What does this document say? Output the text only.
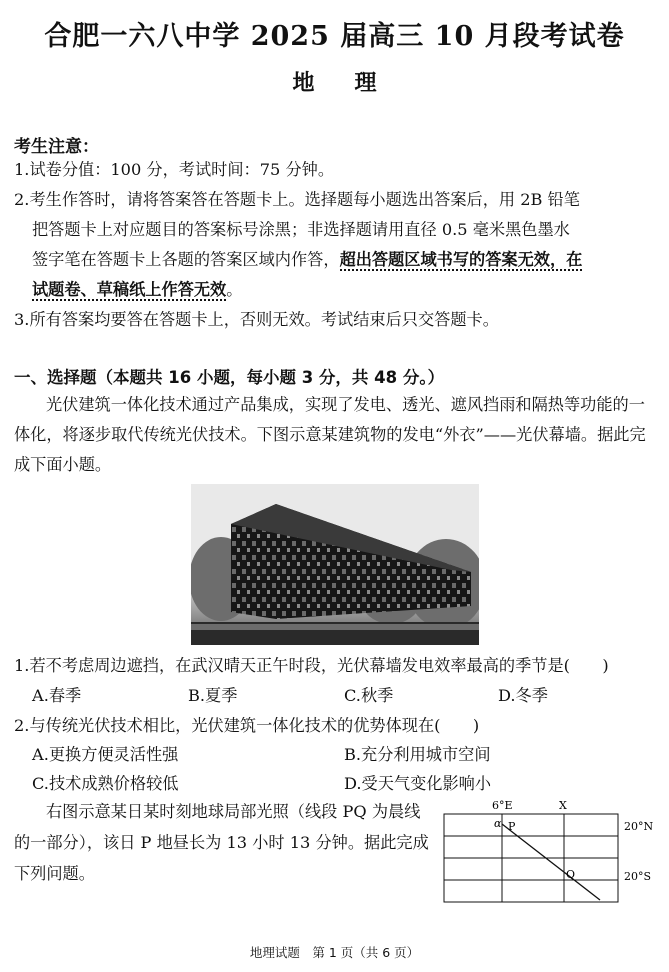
合肥一六八中学 2025 届高三 10 月段考试卷
地理
考生注意：
1.试卷分值：100 分，考试时间：75 分钟。
2.考生作答时，请将答案答在答题卡上。选择题每小题选出答案后，用 2B 铅笔
把答题卡上对应题目的答案标号涂黑；非选择题请用直径 0.5 毫米黑色墨水
签字笔在答题卡上各题的答案区域内作答，超出答题区域书写的答案无效，在
试题卷、草稿纸上作答无效。
3.所有答案均要答在答题卡上，否则无效。考试结束后只交答题卡。
一、选择题（本题共 16 小题，每小题 3 分，共 48 分。）
光伏建筑一体化技术通过产品集成，实现了发电、透光、遮风挡雨和隔热等功能的一体化，将逐步取代传统光伏技术。下图示意某建筑物的发电“外衣”——光伏幕墙。据此完成下面小题。
1.若不考虑周边遮挡，在武汉晴天正午时段，光伏幕墙发电效率最高的季节是(　　)
A.春季	B.夏季	C.秋季	D.冬季
2.与传统光伏技术相比，光伏建筑一体化技术的优势体现在(　　)
A.更换方便灵活性强	B.充分利用城市空间
C.技术成熟价格较低	D.受天气变化影响小
右图示意某日某时刻地球局部光照（线段 PQ 为晨线的一部分），该日 P 地昼长为 13 小时 13 分钟。据此完成下列问题。
6°E	X
20°N
20°S
α P
Q
地理试题　第 1 页（共 6 页）
